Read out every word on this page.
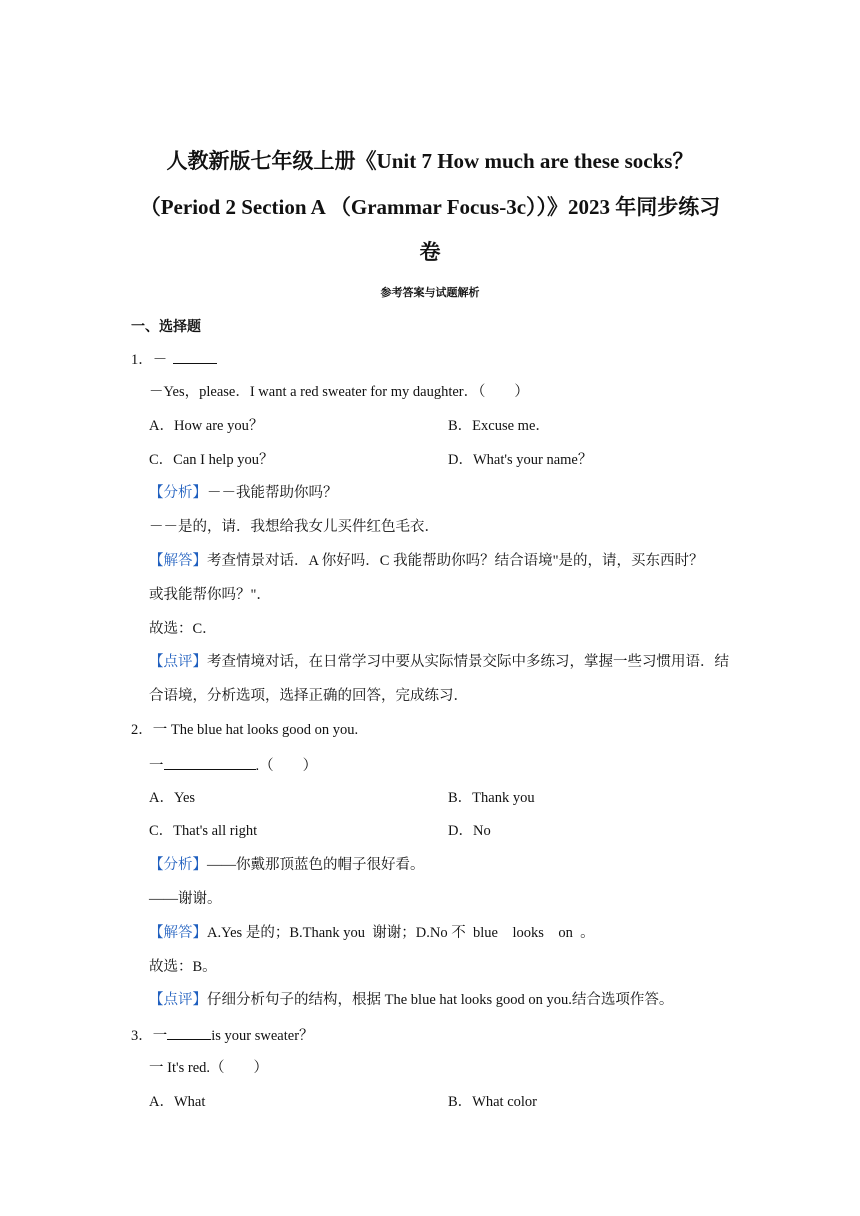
人教新版七年级上册《Unit 7 How much are these socks？
（Period 2 Section A （Grammar Focus-3c））》2023 年同步练习
卷
参考答案与试题解析
一、选择题
1．－
－Yes，please．I want a red sweater for my daughter．（　　）
A．How are you？	B．Excuse me．
C．Can I help you？	D．What's your name？
【分析】－－我能帮助你吗？
－－是的，请．我想给我女儿买件红色毛衣．
【解答】考查情景对话．A 你好吗．C 我能帮助你吗？结合语境"是的，请，买东西时？
或我能帮你吗？"．
故选：C．
【点评】考查情境对话，在日常学习中要从实际情景交际中多练习，掌握一些习惯用语．结
合语境，分析选项，选择正确的回答，完成练习．
2．一 The blue hat looks good on you.
一	.（　　）
A．Yes	B．Thank you
C．That's all right	D．No
【分析】——你戴那顶蓝色的帽子很好看。
——谢谢。
【解答】A.Yes 是的；B.Thank you  谢谢；D.No 不  blue    looks    on  。
故选：B。
【点评】仔细分析句子的结构，根据 The blue hat looks good on you.结合选项作答。
3．一	is your sweater？
一 It's red.（　　）
A．What	B．What color
